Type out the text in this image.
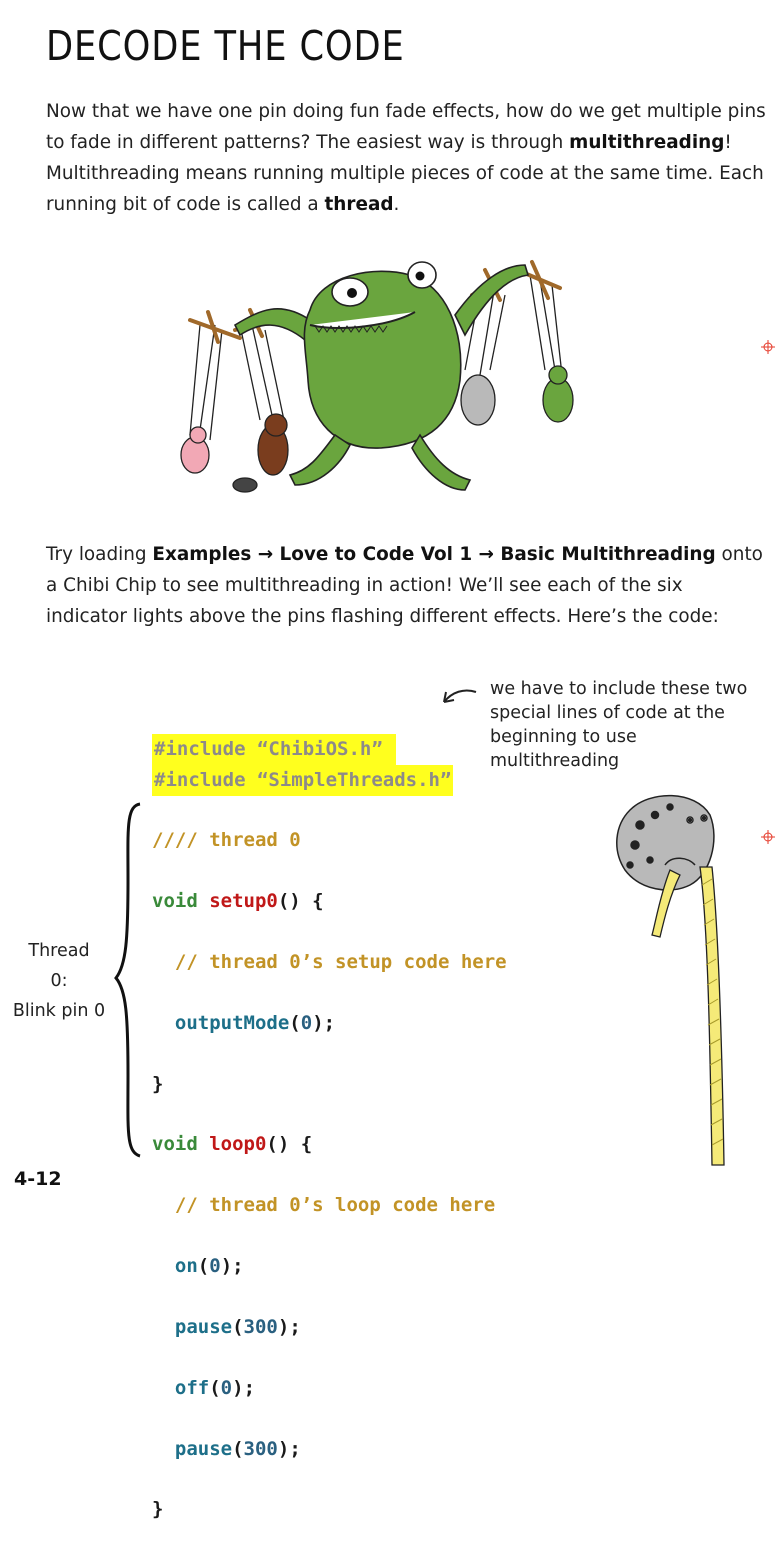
DECODE THE CODE
Now that we have one pin doing fun fade effects, how do we get multiple pins to fade in different patterns? The easiest way is through multithreading! Multithreading means running multiple pieces of code at the same time. Each running bit of code is called a thread.
Try loading Examples → Love to Code Vol 1 → Basic Multithreading onto a Chibi Chip to see multithreading in action! We’ll see each of the six indicator lights above the pins flashing different effects. Here’s the code:

#include “ChibiOS.h”
#include “SimpleThreads.h”

we have to include these two special lines of code at the beginning to use multithreading

//// thread 0

void setup0() {

// thread 0’s setup code here

outputMode(0);

}

void loop0() {

// thread 0’s loop code here

on(0);

pause(300);

off(0);

pause(300);

}

Thread
0:
Blink pin 0
4-12
